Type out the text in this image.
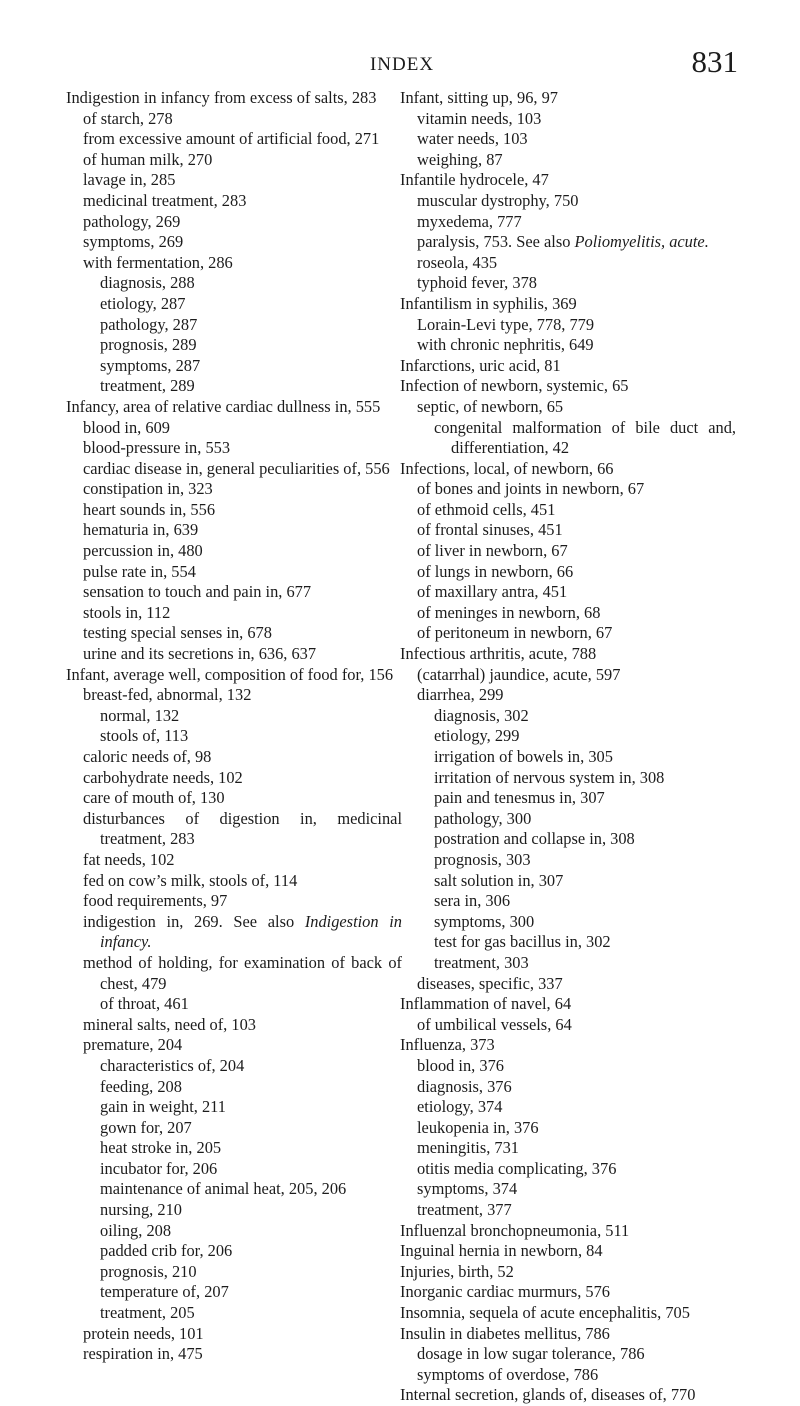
INDEX	831
Indigestion in infancy from excess of salts, 283
of starch, 278
from excessive amount of artificial food, 271
of human milk, 270
lavage in, 285
medicinal treatment, 283
pathology, 269
symptoms, 269
with fermentation, 286
diagnosis, 288
etiology, 287
pathology, 287
prognosis, 289
symptoms, 287
treatment, 289
Infancy, area of relative cardiac dullness in, 555
blood in, 609
blood-pressure in, 553
cardiac disease in, general peculiarities of, 556
constipation in, 323
heart sounds in, 556
hematuria in, 639
percussion in, 480
pulse rate in, 554
sensation to touch and pain in, 677
stools in, 112
testing special senses in, 678
urine and its secretions in, 636, 637
Infant, average well, composition of food for, 156
breast-fed, abnormal, 132
normal, 132
stools of, 113
caloric needs of, 98
carbohydrate needs, 102
care of mouth of, 130
disturbances of digestion in, medicinal treatment, 283
fat needs, 102
fed on cow’s milk, stools of, 114
food requirements, 97
indigestion in, 269. See also Indigestion in infancy.
method of holding, for examination of back of chest, 479
of throat, 461
mineral salts, need of, 103
premature, 204
characteristics of, 204
feeding, 208
gain in weight, 211
gown for, 207
heat stroke in, 205
incubator for, 206
maintenance of animal heat, 205, 206
nursing, 210
oiling, 208
padded crib for, 206
prognosis, 210
temperature of, 207
treatment, 205
protein needs, 101
respiration in, 475
Infant, sitting up, 96, 97
vitamin needs, 103
water needs, 103
weighing, 87
Infantile hydrocele, 47
muscular dystrophy, 750
myxedema, 777
paralysis, 753. See also Poliomyelitis, acute.
roseola, 435
typhoid fever, 378
Infantilism in syphilis, 369
Lorain-Levi type, 778, 779
with chronic nephritis, 649
Infarctions, uric acid, 81
Infection of newborn, systemic, 65
septic, of newborn, 65
congenital malformation of bile duct and, differentiation, 42
Infections, local, of newborn, 66
of bones and joints in newborn, 67
of ethmoid cells, 451
of frontal sinuses, 451
of liver in newborn, 67
of lungs in newborn, 66
of maxillary antra, 451
of meninges in newborn, 68
of peritoneum in newborn, 67
Infectious arthritis, acute, 788
(catarrhal) jaundice, acute, 597
diarrhea, 299
diagnosis, 302
etiology, 299
irrigation of bowels in, 305
irritation of nervous system in, 308
pain and tenesmus in, 307
pathology, 300
postration and collapse in, 308
prognosis, 303
salt solution in, 307
sera in, 306
symptoms, 300
test for gas bacillus in, 302
treatment, 303
diseases, specific, 337
Inflammation of navel, 64
of umbilical vessels, 64
Influenza, 373
blood in, 376
diagnosis, 376
etiology, 374
leukopenia in, 376
meningitis, 731
otitis media complicating, 376
symptoms, 374
treatment, 377
Influenzal bronchopneumonia, 511
Inguinal hernia in newborn, 84
Injuries, birth, 52
Inorganic cardiac murmurs, 576
Insomnia, sequela of acute encephalitis, 705
Insulin in diabetes mellitus, 786
dosage in low sugar tolerance, 786
symptoms of overdose, 786
Internal secretion, glands of, diseases of, 770
